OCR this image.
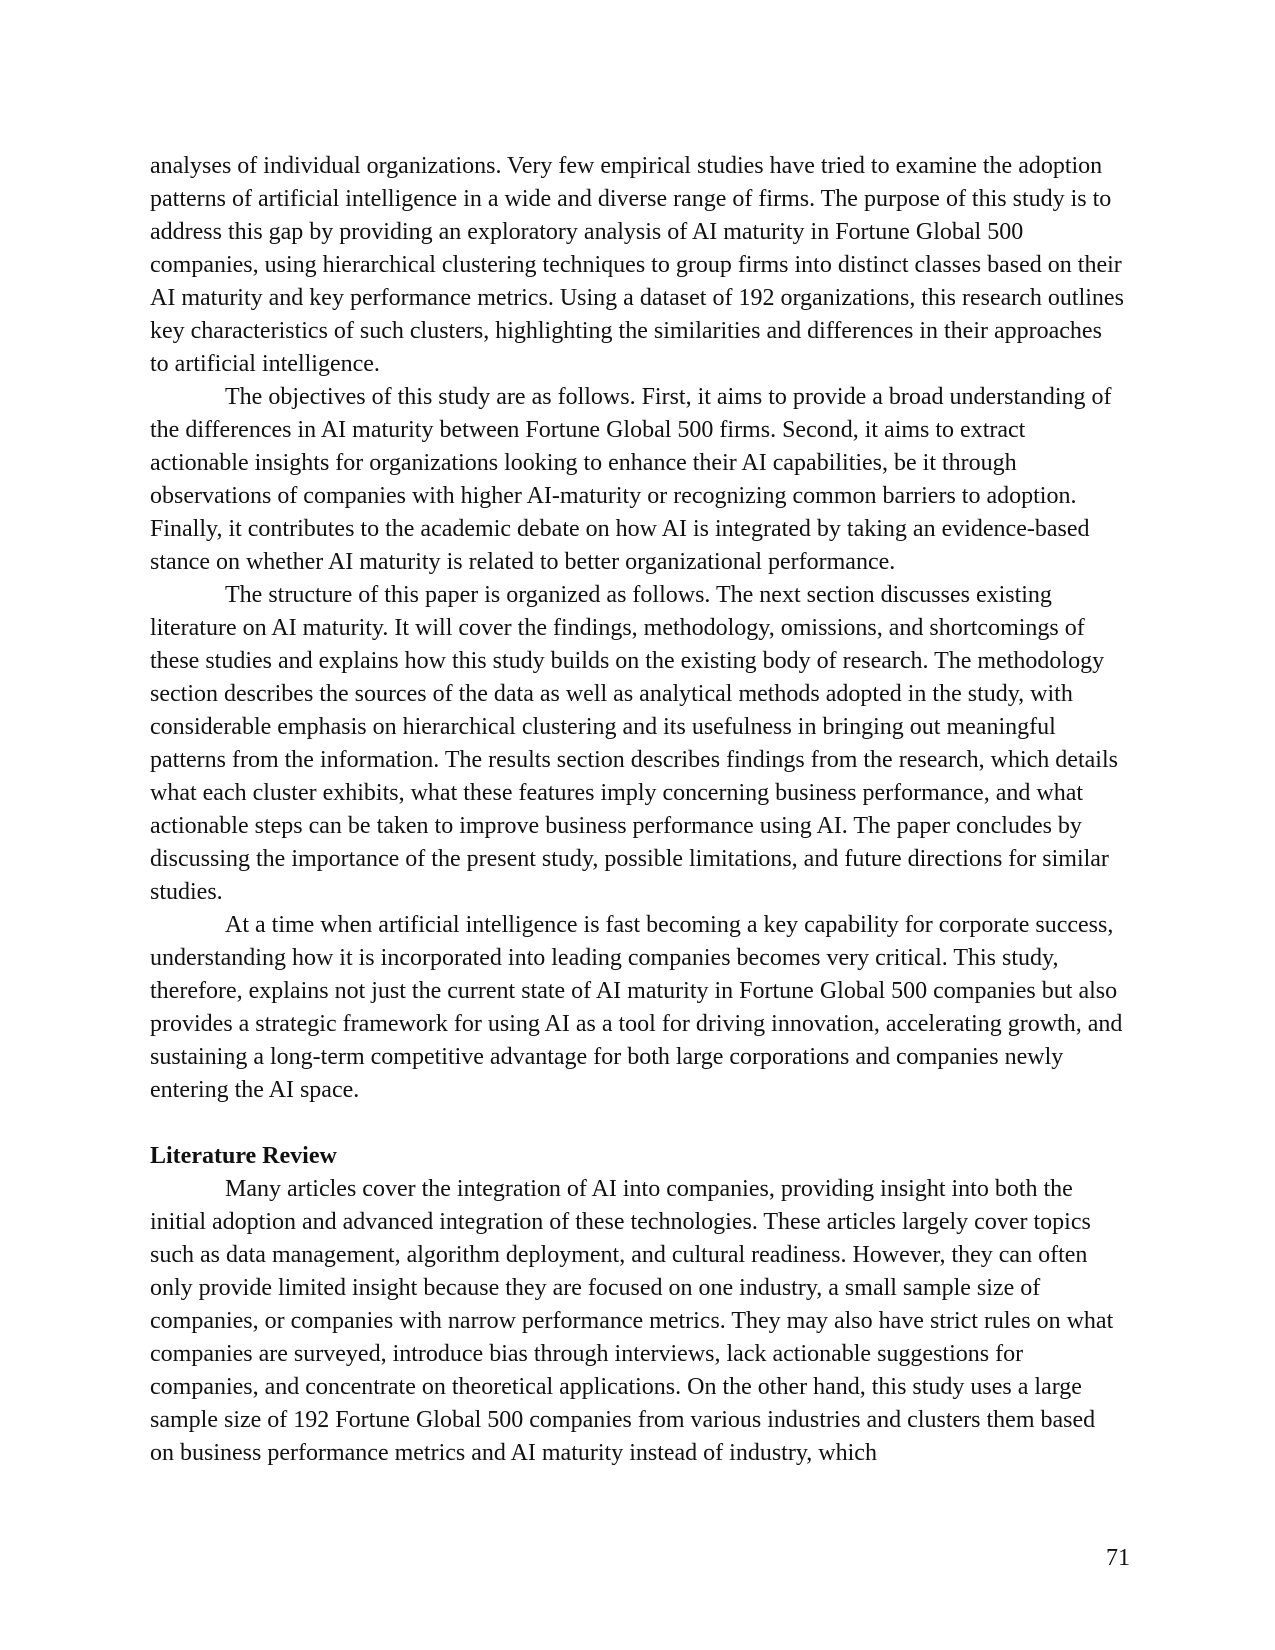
analyses of individual organizations. Very few empirical studies have tried to examine the adoption patterns of artificial intelligence in a wide and diverse range of firms. The purpose of this study is to address this gap by providing an exploratory analysis of AI maturity in Fortune Global 500 companies, using hierarchical clustering techniques to group firms into distinct classes based on their AI maturity and key performance metrics. Using a dataset of 192 organizations, this research outlines key characteristics of such clusters, highlighting the similarities and differences in their approaches to artificial intelligence.

The objectives of this study are as follows. First, it aims to provide a broad understanding of the differences in AI maturity between Fortune Global 500 firms. Second, it aims to extract actionable insights for organizations looking to enhance their AI capabilities, be it through observations of companies with higher AI-maturity or recognizing common barriers to adoption. Finally, it contributes to the academic debate on how AI is integrated by taking an evidence-based stance on whether AI maturity is related to better organizational performance.

The structure of this paper is organized as follows. The next section discusses existing literature on AI maturity. It will cover the findings, methodology, omissions, and shortcomings of these studies and explains how this study builds on the existing body of research. The methodology section describes the sources of the data as well as analytical methods adopted in the study, with considerable emphasis on hierarchical clustering and its usefulness in bringing out meaningful patterns from the information. The results section describes findings from the research, which details what each cluster exhibits, what these features imply concerning business performance, and what actionable steps can be taken to improve business performance using AI. The paper concludes by discussing the importance of the present study, possible limitations, and future directions for similar studies.

At a time when artificial intelligence is fast becoming a key capability for corporate success, understanding how it is incorporated into leading companies becomes very critical. This study, therefore, explains not just the current state of AI maturity in Fortune Global 500 companies but also provides a strategic framework for using AI as a tool for driving innovation, accelerating growth, and sustaining a long-term competitive advantage for both large corporations and companies newly entering the AI space.

Literature Review

Many articles cover the integration of AI into companies, providing insight into both the initial adoption and advanced integration of these technologies. These articles largely cover topics such as data management, algorithm deployment, and cultural readiness. However, they can often only provide limited insight because they are focused on one industry, a small sample size of companies, or companies with narrow performance metrics. They may also have strict rules on what companies are surveyed, introduce bias through interviews, lack actionable suggestions for companies, and concentrate on theoretical applications. On the other hand, this study uses a large sample size of 192 Fortune Global 500 companies from various industries and clusters them based on business performance metrics and AI maturity instead of industry, which

71
